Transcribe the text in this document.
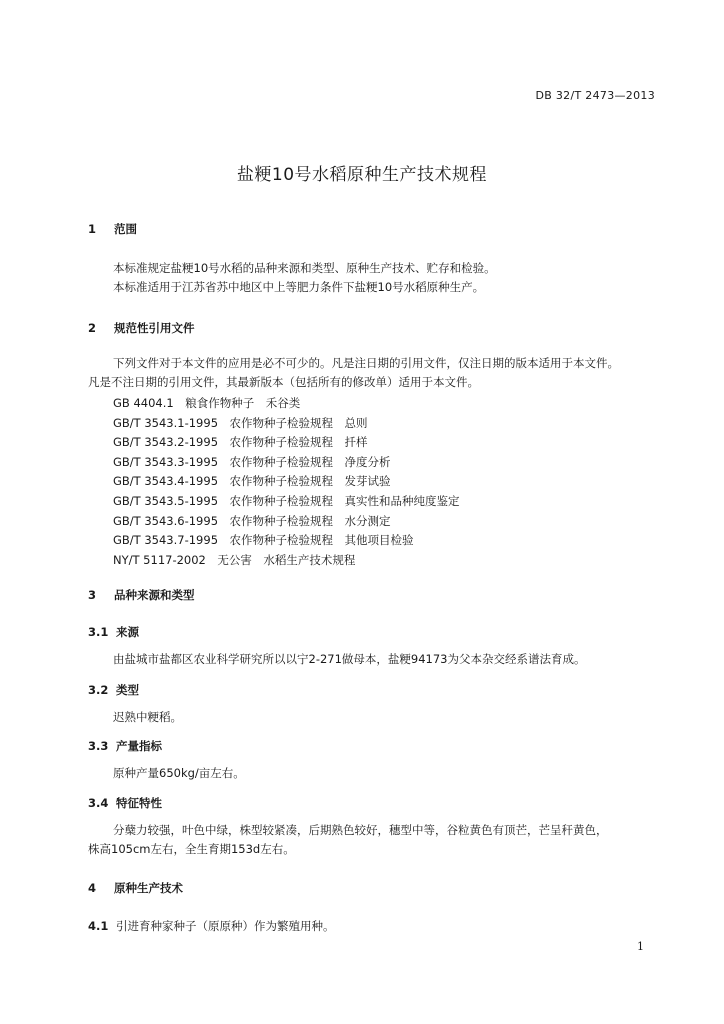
DB 32/T 2473—2013
盐粳10号水稻原种生产技术规程
1 范围
本标准规定盐粳10号水稻的品种来源和类型、原种生产技术、贮存和检验。
本标准适用于江苏省苏中地区中上等肥力条件下盐粳10号水稻原种生产。
2 规范性引用文件
下列文件对于本文件的应用是必不可少的。凡是注日期的引用文件，仅注日期的版本适用于本文件。
凡是不注日期的引用文件，其最新版本（包括所有的修改单）适用于本文件。
GB 4404.1　 粮食作物种子　禾谷类
GB/T 3543.1-1995　 农作物种子检验规程　 总则
GB/T 3543.2-1995　 农作物种子检验规程　 扦样
GB/T 3543.3-1995　 农作物种子检验规程　 净度分析
GB/T 3543.4-1995　 农作物种子检验规程　 发芽试验
GB/T 3543.5-1995　 农作物种子检验规程　 真实性和品种纯度鉴定
GB/T 3543.6-1995　 农作物种子检验规程　 水分测定
GB/T 3543.7-1995　 农作物种子检验规程　 其他项目检验
NY/T 5117-2002　 无公害　水稻生产技术规程
3 品种来源和类型
3.1 来源
由盐城市盐都区农业科学研究所以以宁2-271做母本，盐粳94173为父本杂交经系谱法育成。
3.2 类型
迟熟中粳稻。
3.3 产量指标
原种产量650kg/亩左右。
3.4 特征特性
分蘖力较强，叶色中绿，株型较紧凑，后期熟色较好，穗型中等，谷粒黄色有顶芒，芒呈秆黄色，
株高105cm左右，全生育期153d左右。
4 原种生产技术
4.1 引进育种家种子（原原种）作为繁殖用种。
1
